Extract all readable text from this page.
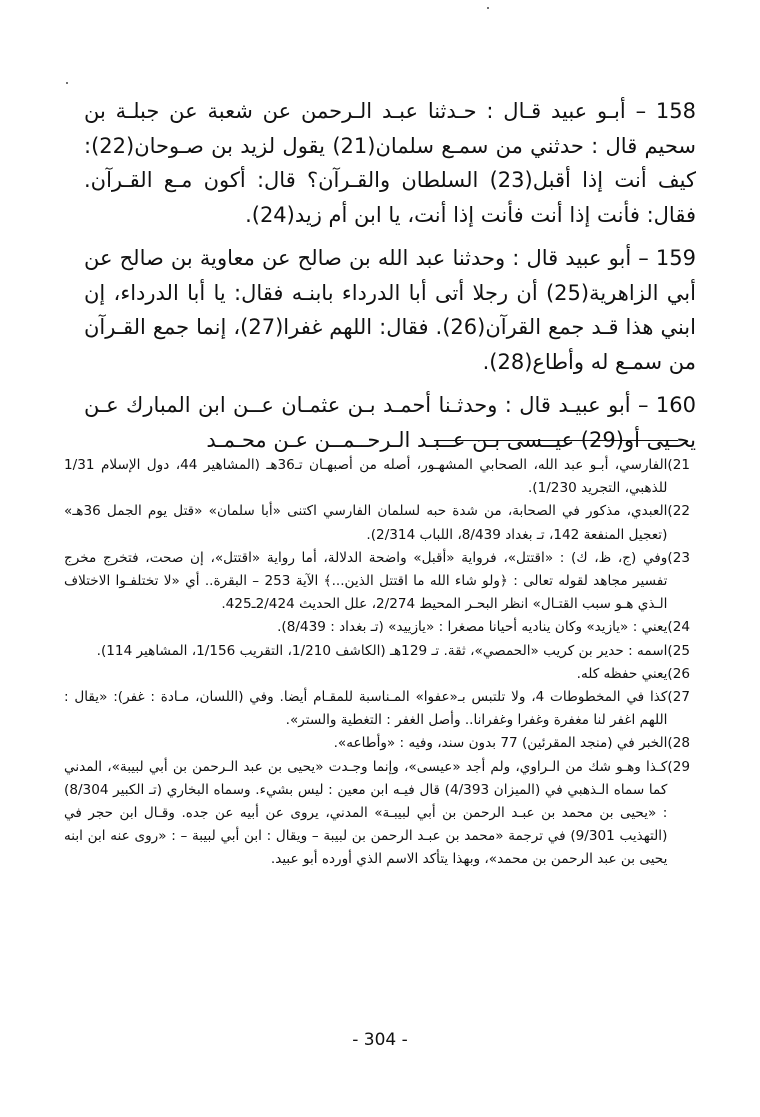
158 – أبـو عبيد قـال : حـدثنا عبـد الـرحمن عن شعبة عن جبلـة بن سحيم قال : حدثني من سمـع سلمان(21) يقول لزيد بن صـوحان(22): كيف أنت إذا أقبل(23) السلطان والقـرآن؟ قال: أكون مـع القـرآن. فقال: فأنت إذا أنت فأنت إذا أنت، يا ابن أم زيد(24).

159 – أبو عبيد قال : وحدثنا عبد الله بن صالح عن معاوية بن صالح عن أبي الزاهرية(25) أن رجلا أتى أبا الدرداء بابنـه فقال: يا أبا الدرداء، إن ابني هذا قـد جمع القرآن(26). فقال: اللهم غفرا(27)، إنما جمع القـرآن من سمـع له وأطاع(28).

160 – أبو عبيـد قال : وحدثـنا أحمـد بـن عثمـان عــن ابن المبارك عـن يحـيى أو(29) عيــسى بـن عــبـد الـرحــمــن عـن محـمـد

21)
الفارسي، أبـو عبد الله، الصحابي المشهـور، أصله من أصبهـان تـ36هـ (المشاهير 44، دول الإسلام 1/31 للذهبي، التجريد 1/230).
22)
العبدي، مذكور في الصحابة، من شدة حبه لسلمان الفارسي اكتنى «أبا سلمان» «قتل يوم الجمل 36هـ» (تعجيل المنفعة 142، تـ بغداد 8/439، اللباب 2/314).
23)
وفي (ج، ظ، ك) : «اقتتل»، فرواية «أقبل» واضحة الدلالة، أما رواية «اقتتل»، إن صحت، فتخرج مخرج تفسير مجاهد لقوله تعالى : ﴿ولو شاء الله ما اقتتل الذين...﴾ الآية 253 – البقرة.. أي «لا تختلفـوا الاختلاف الـذي هـو سبب القتـال» انظر البحـر المحيط 2/274، علل الحديث 2/424ـ425.
24)
يعني : «يازيد» وكان يناديه أحيانا مصغرا : «يازييد» (تـ بغداد : 8/439).
25)
اسمه : حدير بن كريب «الحمصي»، ثقة. تـ 129هـ (الكاشف 1/210، التقريب 1/156، المشاهير 114).
26)
يعني حفظه كله.
27)
كذا في المخطوطات 4، ولا تلتبس بـ«عفوا» المـناسبة للمقـام أيضا. وفي (اللسان، مـادة : غفر): «يقال : اللهم اغفر لنا مغفرة وغفرا وغفرانا.. وأصل الغفر : التغطية والستر».
28)
الخبر في (منجد المقرئين) 77 بدون سند، وفيه : «وأطاعه».
29)
كـذا وهـو شك من الـراوي، ولم أجد «عيسى»، وإنما وجـدت «يحيى بن عبد الـرحمن بن أبي لبيبة»، المدني كما سماه الـذهبي في (الميزان 4/393) قال فيـه ابن معين : ليس بشيء. وسماه البخاري (تـ الكبير 8/304) : «يحيى بن محمد بن عبـد الرحمن بن أبي لبيبـة» المدني، يروى عن أبيه عن جده. وقـال ابن حجر في (التهذيب 9/301) في ترجمة «محمد بن عبـد الرحمن بن لبيبة – ويقال : ابن أبي لبيبة – : «روى عنه ابن ابنه يحيى بن عبد الرحمن بن محمد»، وبهذا يتأكد الاسم الذي أورده أبو عبيد.
- 304 -
